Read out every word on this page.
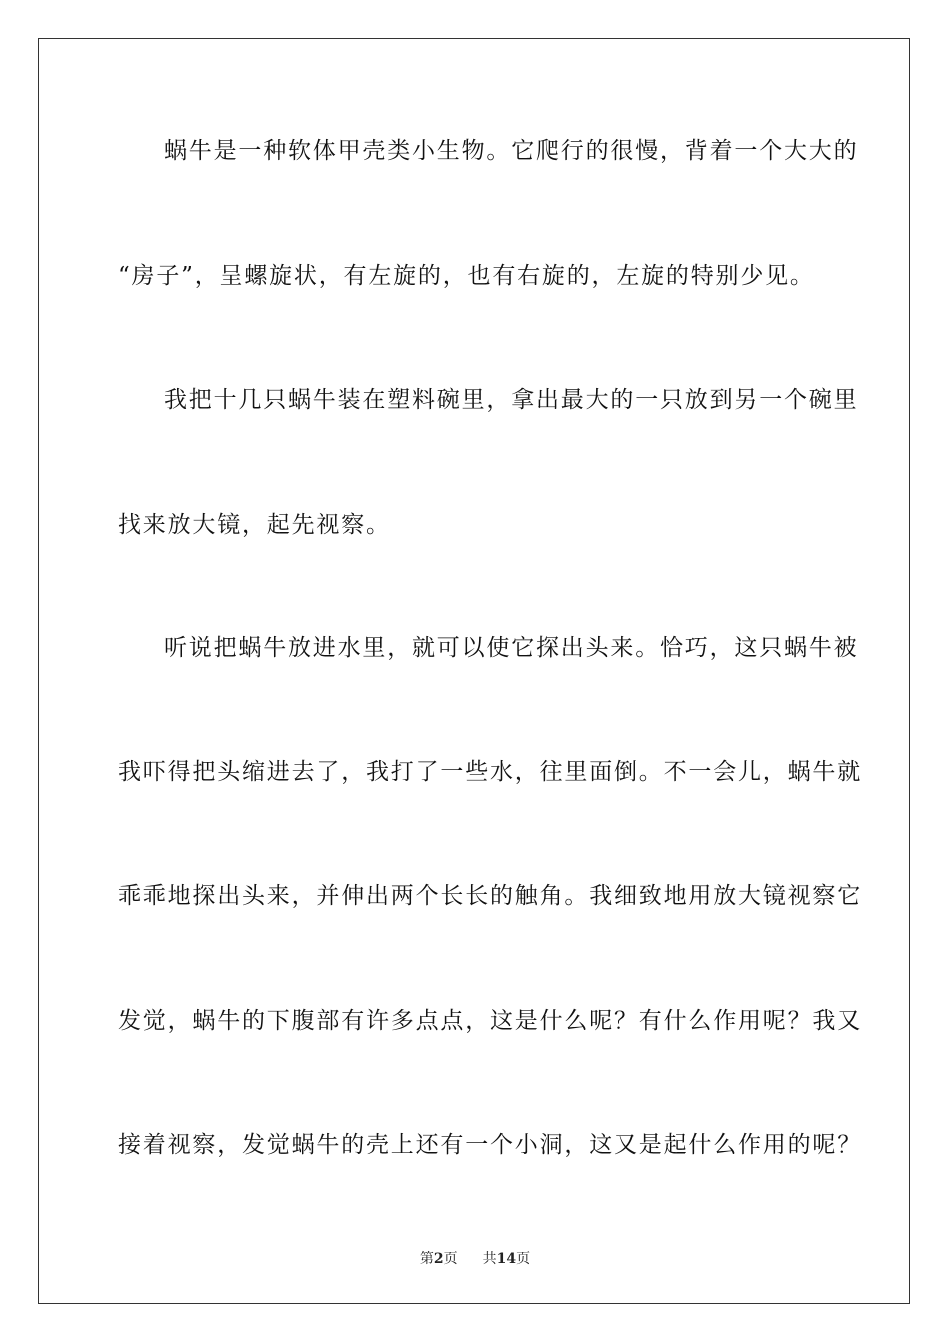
蜗牛是一种软体甲壳类小生物。它爬行的很慢，背着一个大大的
“房子”，呈螺旋状，有左旋的，也有右旋的，左旋的特别少见。
我把十几只蜗牛装在塑料碗里，拿出最大的一只放到另一个碗里
找来放大镜，起先视察。
听说把蜗牛放进水里，就可以使它探出头来。恰巧，这只蜗牛被
我吓得把头缩进去了，我打了一些水，往里面倒。不一会儿，蜗牛就
乖乖地探出头来，并伸出两个长长的触角。我细致地用放大镜视察它
发觉，蜗牛的下腹部有许多点点，这是什么呢？有什么作用呢？我又
接着视察，发觉蜗牛的壳上还有一个小洞，这又是起什么作用的呢？
第2页 共14页
